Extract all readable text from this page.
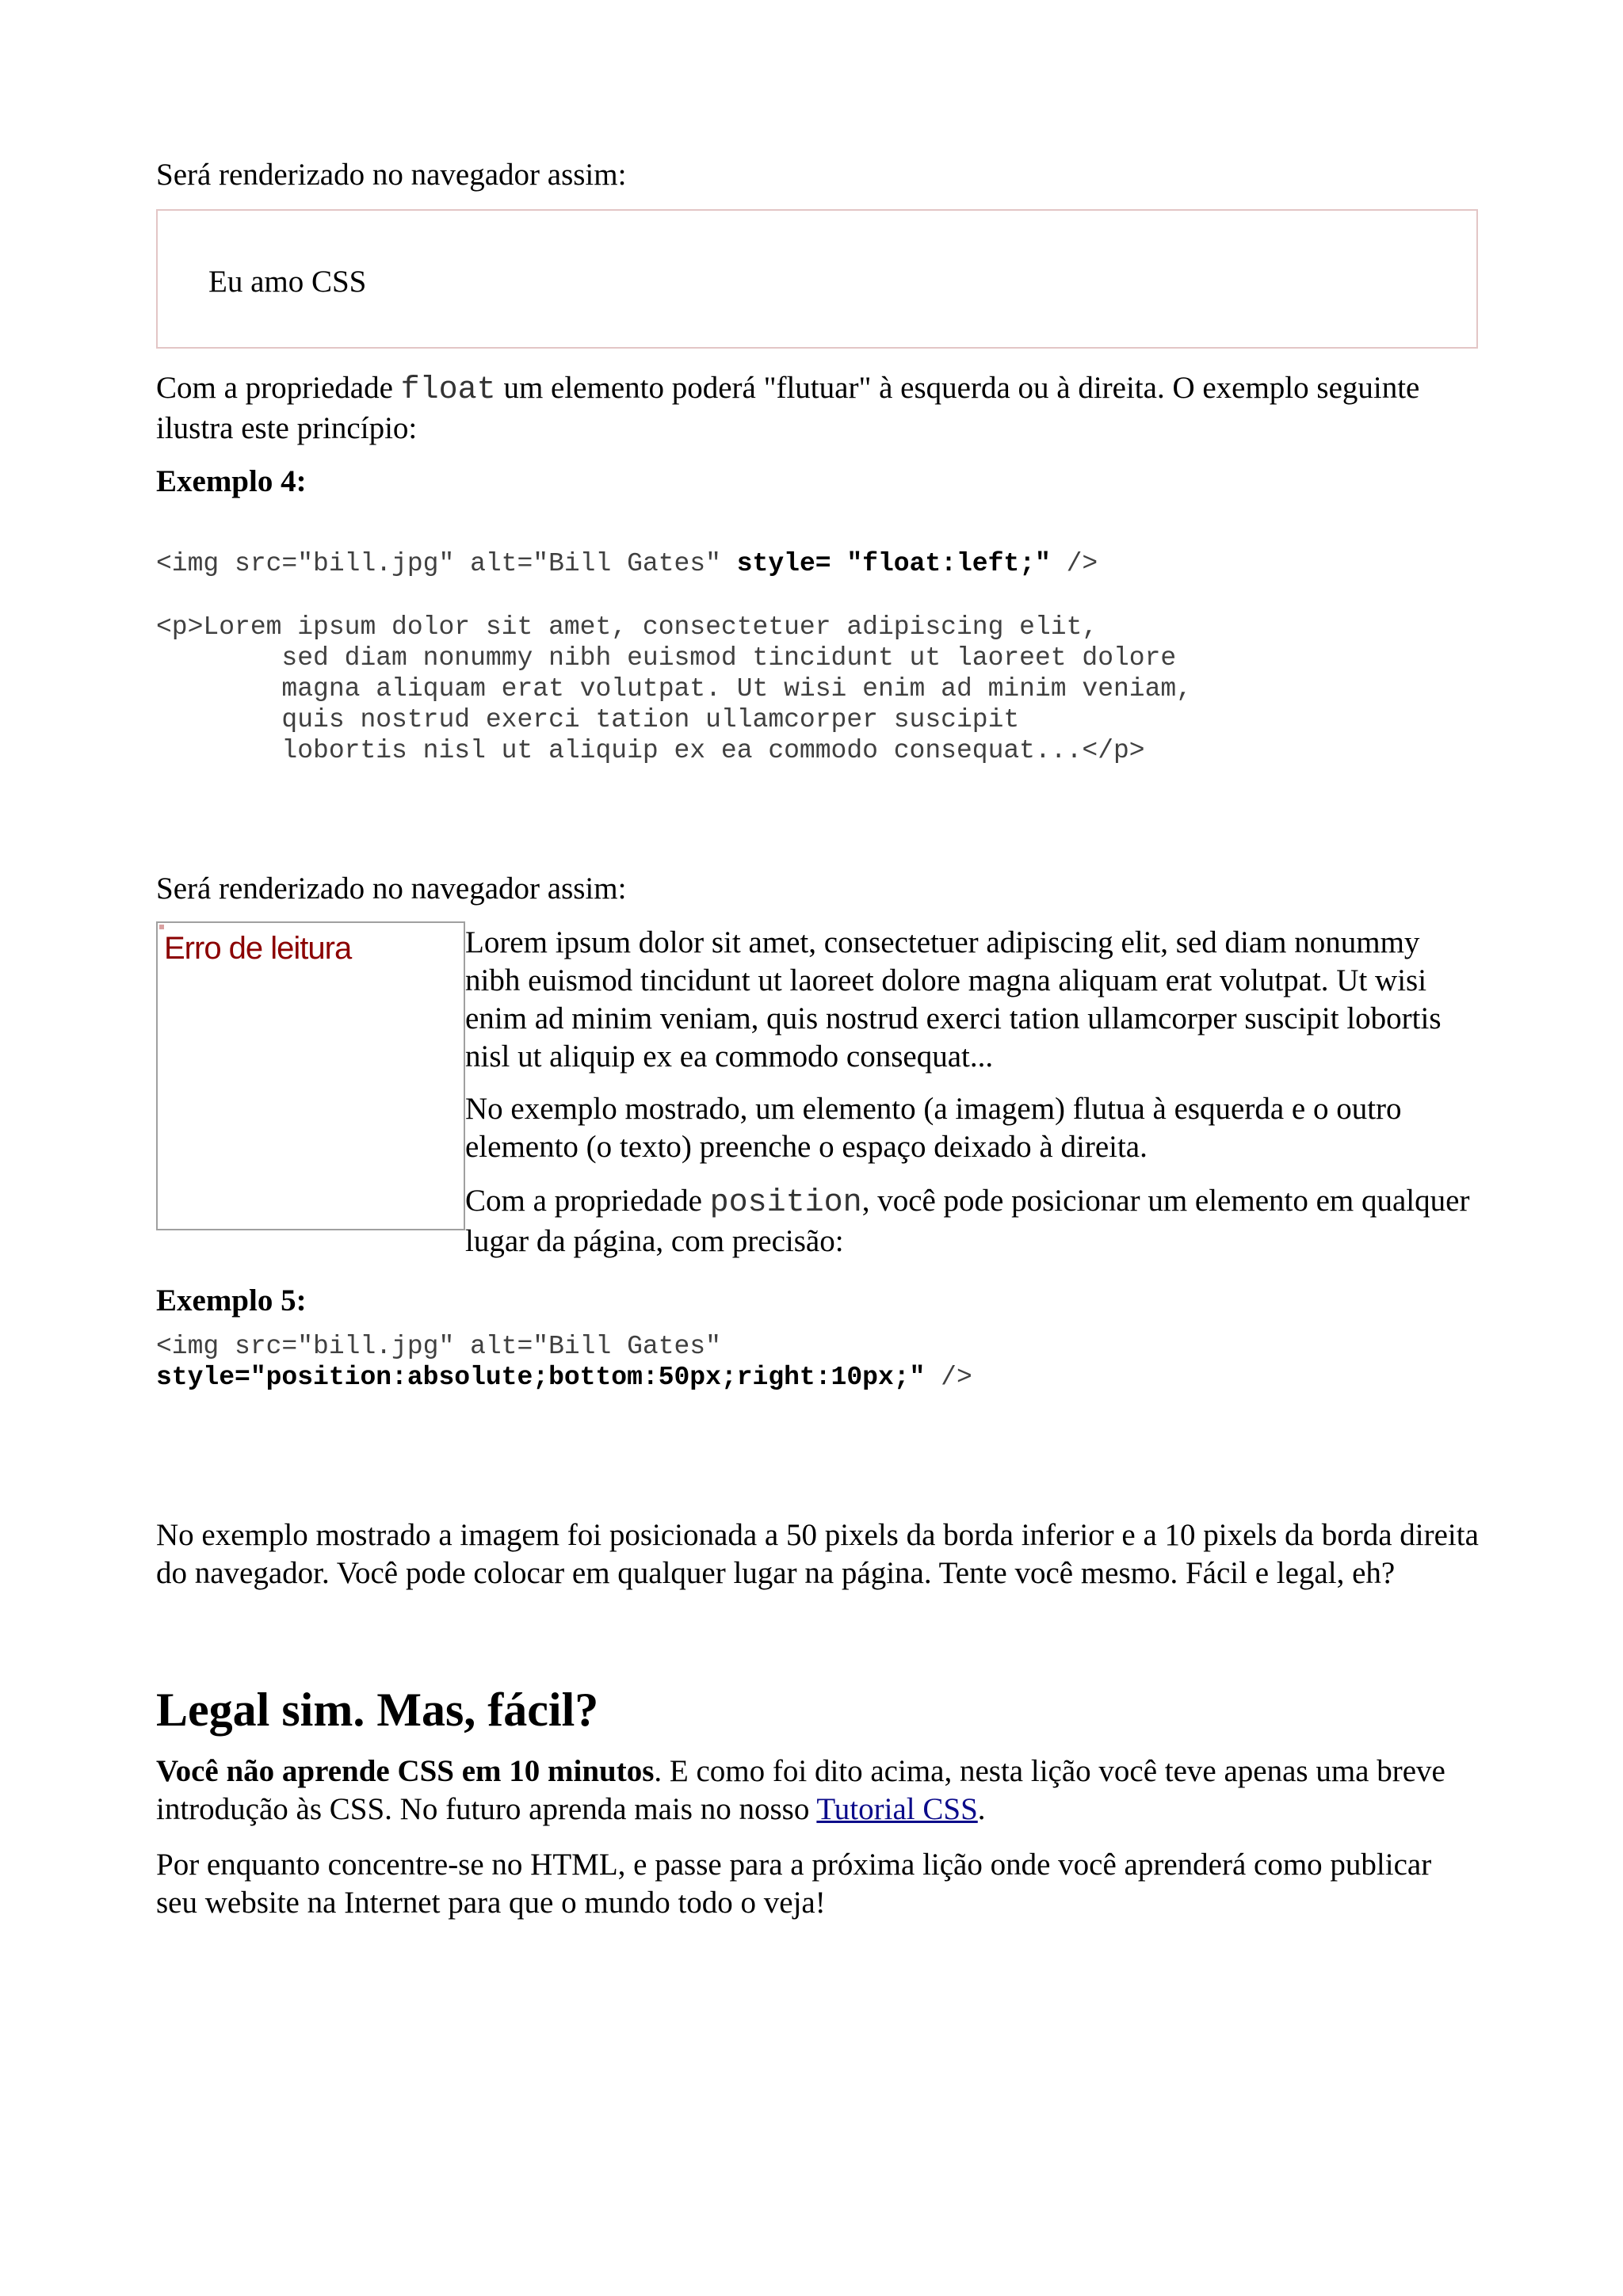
Será renderizado no navegador assim:

Eu amo CSS

Com a propriedade float um elemento poderá "flutuar" à esquerda ou à direita. O exemplo seguinte ilustra este princípio:

Exemplo 4:

<img src="bill.jpg" alt="Bill Gates" style= "float:left;" />
<p>Lorem ipsum dolor sit amet, consectetuer adipiscing elit,
sed diam nonummy nibh euismod tincidunt ut laoreet dolore
magna aliquam erat volutpat. Ut wisi enim ad minim veniam,
quis nostrud exerci tation ullamcorper suscipit
lobortis nisl ut aliquip ex ea commodo consequat...</p>

Será renderizado no navegador assim:

Erro de leitura	Lorem ipsum dolor sit amet, consectetuer adipiscing elit, sed diam nonummy nibh euismod tincidunt ut laoreet dolore magna aliquam erat volutpat. Ut wisi enim ad minim veniam, quis nostrud exerci tation ullamcorper suscipit lobortis nisl ut aliquip ex ea commodo consequat...

No exemplo mostrado, um elemento (a imagem) flutua à esquerda e o outro elemento (o texto) preenche o espaço deixado à direita.

Com a propriedade position, você pode posicionar um elemento em qualquer lugar da página, com precisão:

Exemplo 5:

<img src="bill.jpg" alt="Bill Gates"
style="position:absolute;bottom:50px;right:10px;" />

No exemplo mostrado a imagem foi posicionada a 50 pixels da borda inferior e a 10 pixels da borda direita do navegador. Você pode colocar em qualquer lugar na página. Tente você mesmo. Fácil e legal, eh?

Legal sim. Mas, fácil?

Você não aprende CSS em 10 minutos. E como foi dito acima, nesta lição você teve apenas uma breve introdução às CSS. No futuro aprenda mais no nosso Tutorial CSS.

Por enquanto concentre-se no HTML, e passe para a próxima lição onde você aprenderá como publicar seu website na Internet para que o mundo todo o veja!
